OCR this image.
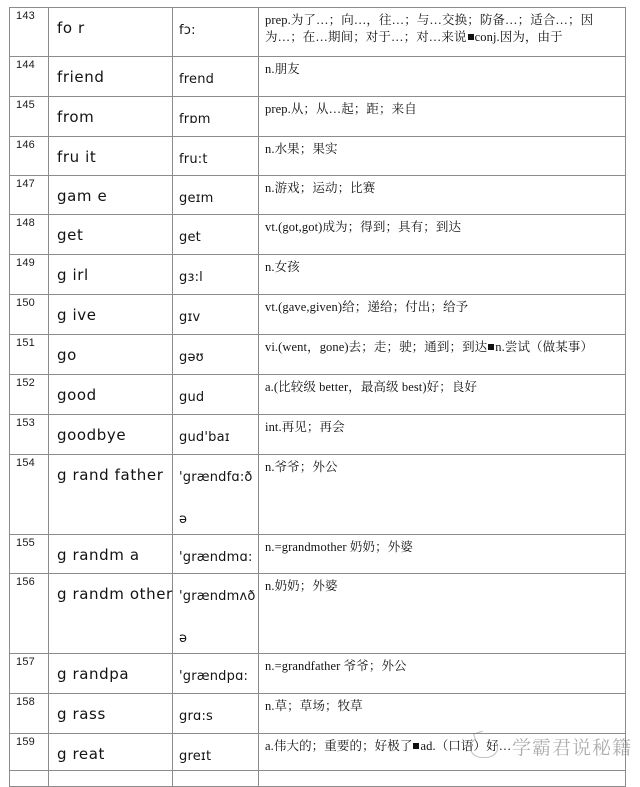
143	fo r	fɔ:	prep.为了…；向…，往…；与…交换；防备…；适合…；因为…；在…期间；对于…；对…来说 conj.因为，由于

144	friend	frend	n.朋友

145	from	frɒm	prep.从；从…起；距；来自

146	fru it	fru:t	n.水果；果实

147	gam e	geɪm	n.游戏；运动；比赛

148	get	get	vt.(got,got)成为；得到；具有；到达

149	g irl	gɜ:l	n.女孩

150	g ive	gɪv	vt.(gave,given)给；递给；付出；给予

151	go	gəʊ	vi.(went，gone)去；走；驶；通到；到达 n.尝试（做某事）

152	good	gud	a.(比较级 better，最高级 best)好；良好

153	goodbye	gud'baɪ	int.再见；再会

154	g rand father	'grændfɑ:ð
ə	n.爷爷；外公

155	g randm a	'grændmɑ:	n.=grandmother 奶奶；外婆

156	g randm other	'grændmʌð
ə	n.奶奶；外婆

157	g randpa	'grændpɑ:	n.=grandfather 爷爷；外公

158	g rass	grɑ:s	n.草；草场；牧草

159	g reat	greɪt	a.伟大的；重要的；好极了 ad.（口语）好…

	学霸君说秘籍
